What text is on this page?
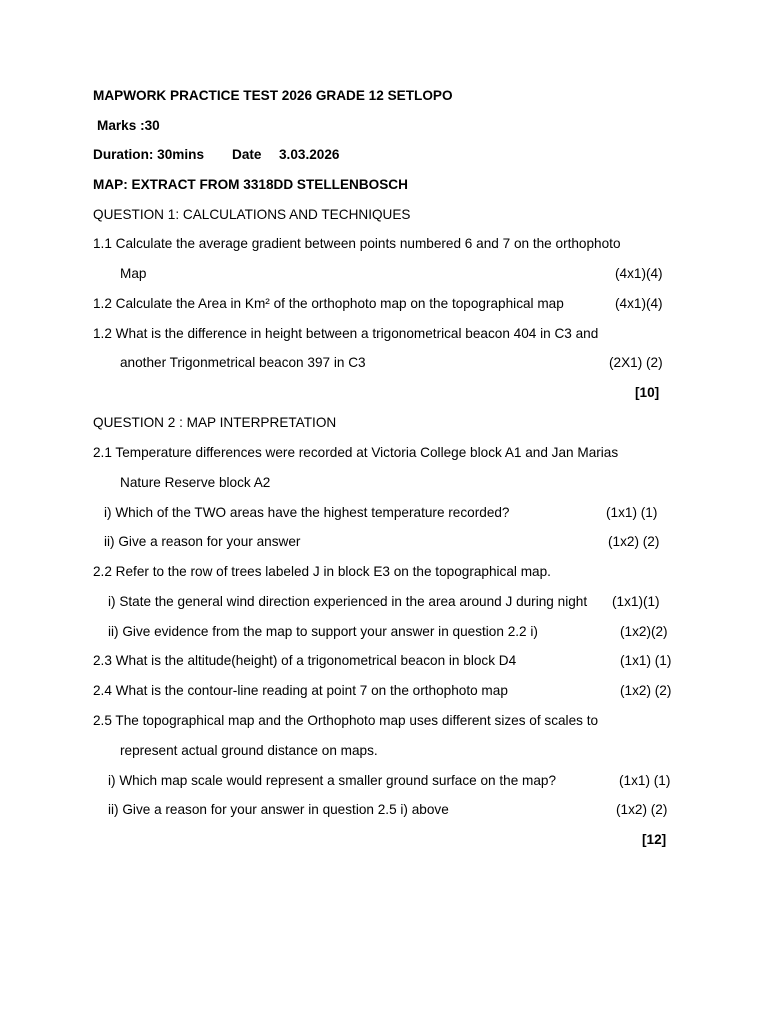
MAPWORK PRACTICE TEST 2026 GRADE 12 SETLOPO
Marks :30
Duration: 30mins Date 3.03.2026
MAP: EXTRACT FROM 3318DD STELLENBOSCH
QUESTION 1: CALCULATIONS AND TECHNIQUES
1.1 Calculate the average gradient between points numbered 6 and 7 on the orthophoto
Map	(4x1)(4)
1.2 Calculate the Area in Km² of the orthophoto map on the topographical map	(4x1)(4)
1.2 What is the difference in height between a trigonometrical beacon 404 in C3 and
another Trigonmetrical beacon 397 in C3	(2X1) (2)
[10]
QUESTION 2 : MAP INTERPRETATION
2.1 Temperature differences were recorded at Victoria College block A1 and Jan Marias
Nature Reserve block A2
i) Which of the TWO areas have the highest temperature recorded?	(1x1) (1)
ii) Give a reason for your answer	(1x2) (2)
2.2 Refer to the row of trees labeled J in block E3 on the topographical map.
i) State the general wind direction experienced in the area around J during night (1x1)(1)
ii) Give evidence from the map to support your answer in question 2.2 i)	(1x2)(2)
2.3 What is the altitude(height) of a trigonometrical beacon in block D4	(1x1) (1)
2.4 What is the contour-line reading at point 7 on the orthophoto map	(1x2) (2)
2.5 The topographical map and the Orthophoto map uses different sizes of scales to
represent actual ground distance on maps.
i) Which map scale would represent a smaller ground surface on the map?	(1x1) (1)
ii) Give a reason for your answer in question 2.5 i) above	(1x2) (2)
[12]
